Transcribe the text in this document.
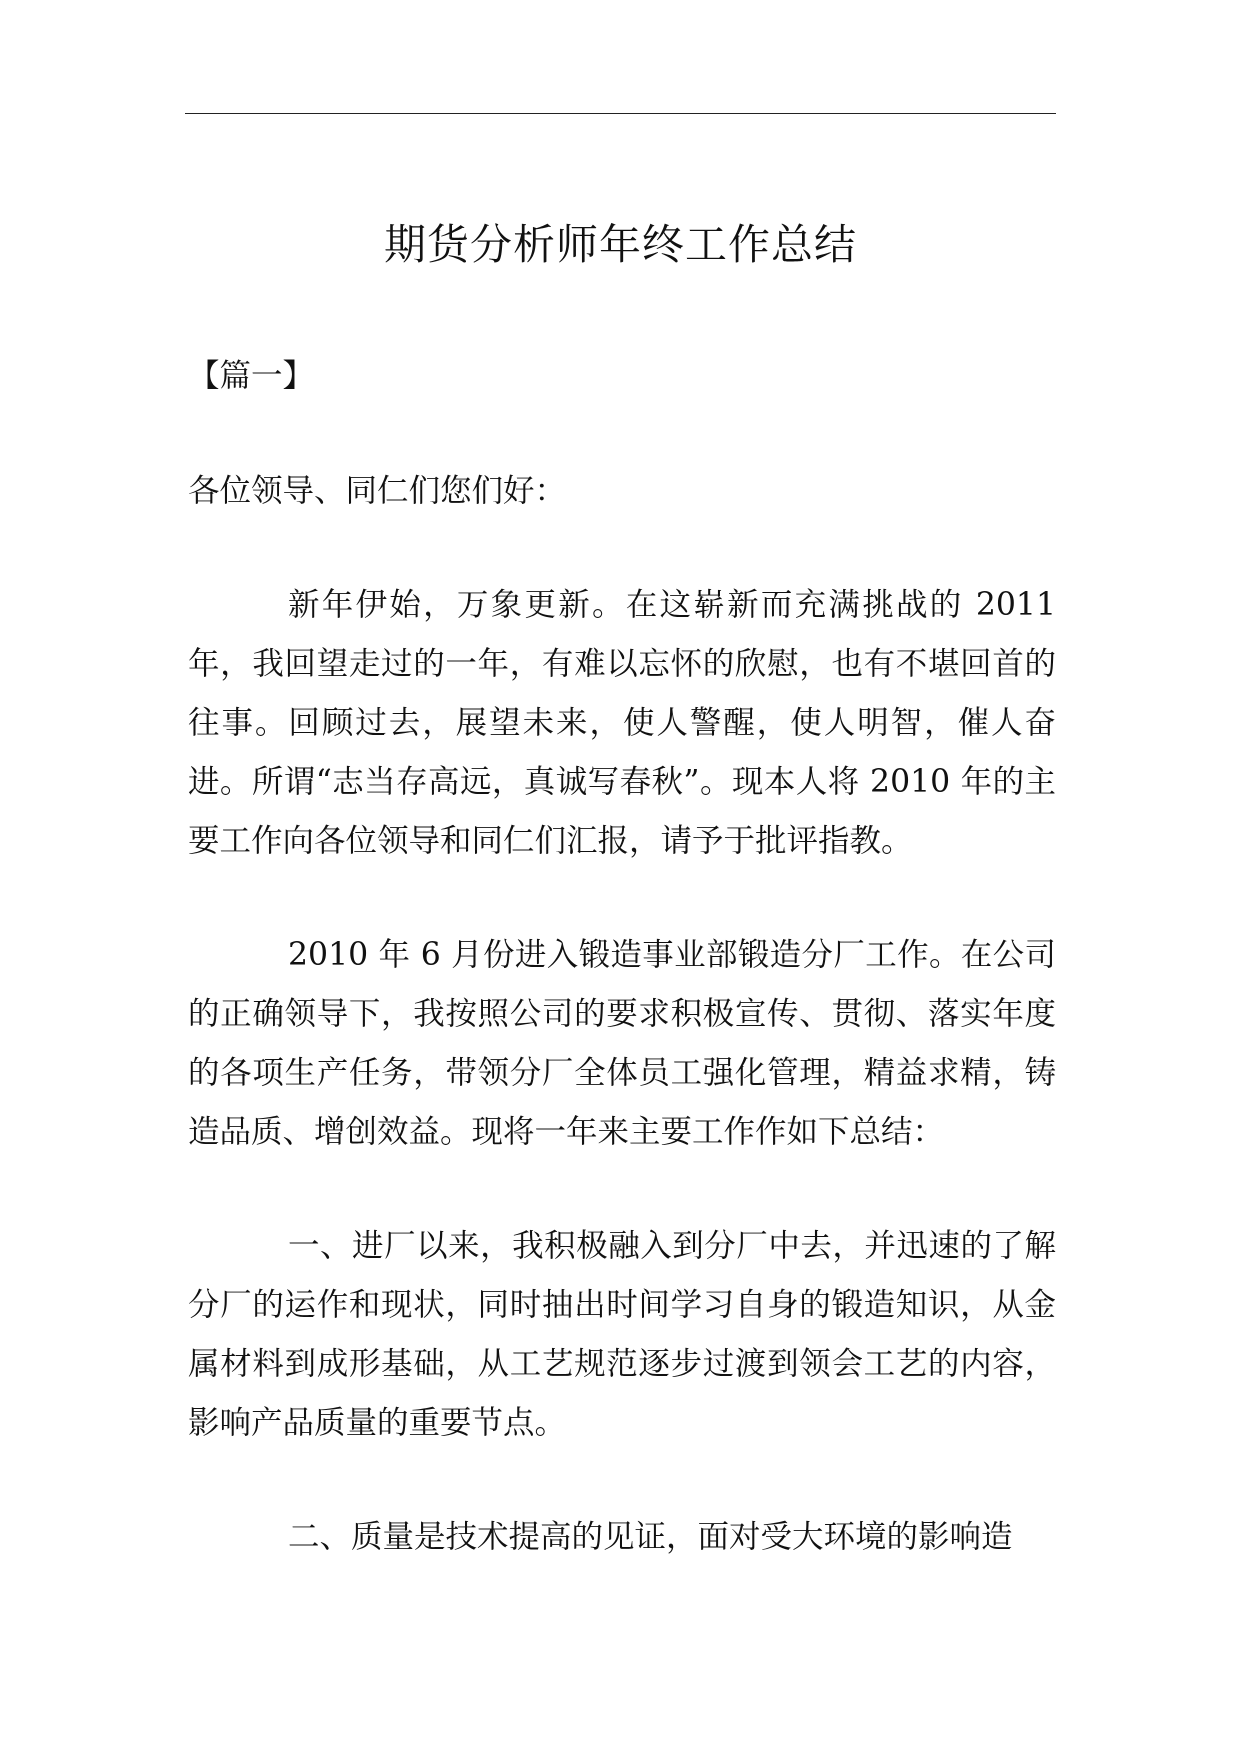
期货分析师年终工作总结

【篇一】

各位领导、同仁们您们好：

新年伊始，万象更新。在这崭新而充满挑战的 2011 年，我回望走过的一年，有难以忘怀的欣慰，也有不堪回首的往事。回顾过去，展望未来，使人警醒，使人明智，催人奋进。所谓“志当存高远，真诚写春秋”。现本人将 2010 年的主要工作向各位领导和同仁们汇报，请予于批评指教。

2010 年 6 月份进入锻造事业部锻造分厂工作。在公司的正确领导下，我按照公司的要求积极宣传、贯彻、落实年度的各项生产任务，带领分厂全体员工强化管理，精益求精，铸造品质、增创效益。现将一年来主要工作作如下总结：

一、进厂以来，我积极融入到分厂中去，并迅速的了解分厂的运作和现状，同时抽出时间学习自身的锻造知识，从金属材料到成形基础，从工艺规范逐步过渡到领会工艺的内容，影响产品质量的重要节点。

二、质量是技术提高的见证，面对受大环境的影响造
